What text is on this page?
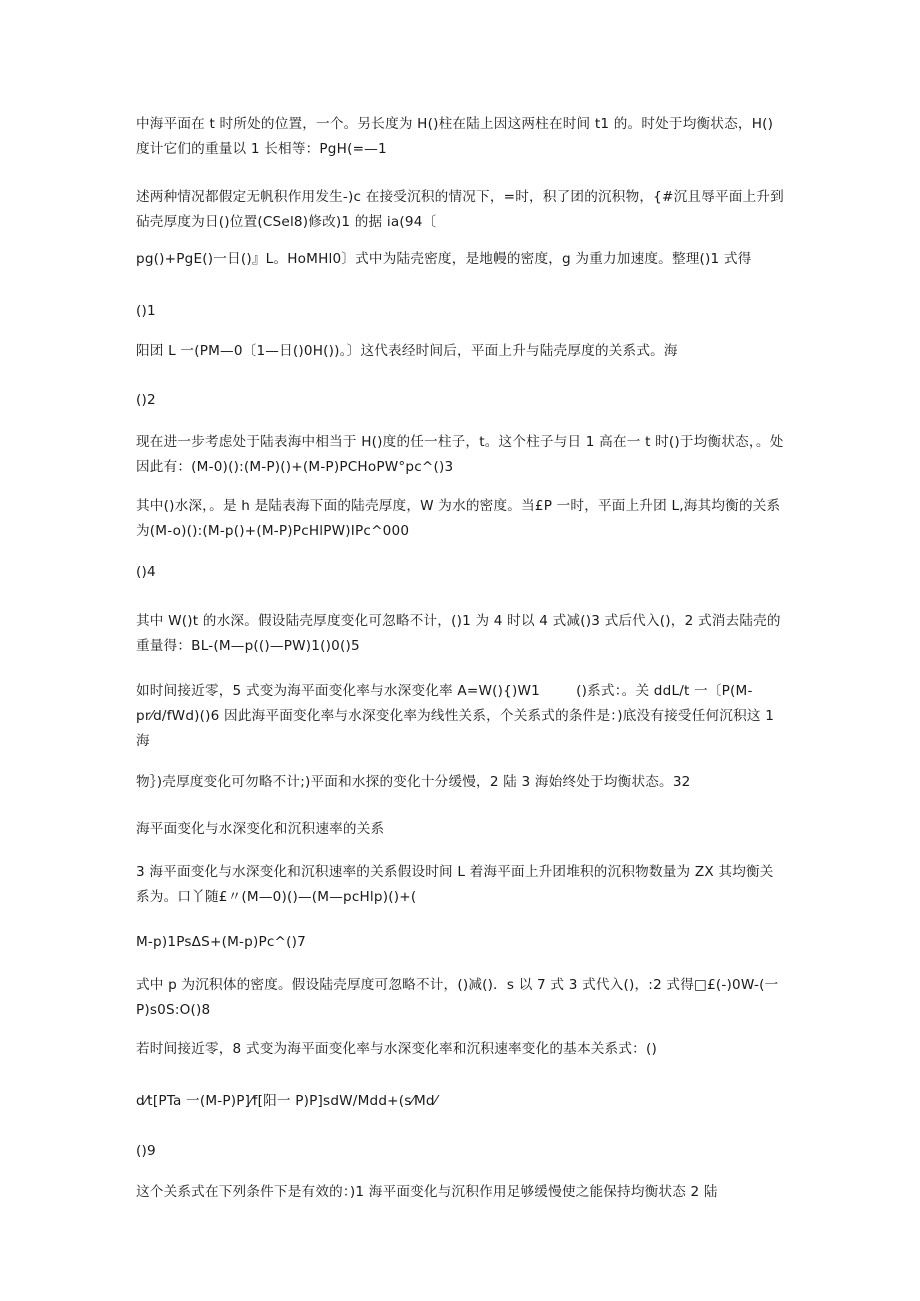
中海平面在 t 时所处的位置，一个。另长度为 H()柱在陆上因这两柱在时间 t1 的。时处于均衡状态，H()度计它们的重量以 1 长相等：PgH(=—1

述两种情况都假定无帆积作用发生-)c 在接受沉积的情况下，=时，积了团的沉积物，{#沉且辱平面上升到砧壳厚度为日()位置(CSel8)修改)1 的据 ia(94〔

pg()+PgE()一日()』L。HoMHl0〕式中为陆壳密度，是地幔的密度，g 为重力加速度。整理()1 式得

()1

阳团 L 一(PM—0〔1—日()0H())。〕这代表经时间后，平面上升与陆壳厚度的关系式。海

()2

现在进一步考虑处于陆表海中相当于 H()度的任一柱子，t。这个柱子与日 1 高在一 t 时()于均衡状态，。处因此有：(M-0)():(M-P)()+(M-P)PCHoPW°pc^()3

其中()水深，。是 h 是陆表海下面的陆壳厚度，W 为水的密度。当£P 一时，平面上升团 L,海其均衡的关系为(M-o)():(M-p()+(M-P)PcHlPW)IPc^000

()4

其中 W()t 的水深。假设陆壳厚度变化可忽略不计，()1 为 4 时以 4 式减()3 式后代入()，2 式消去陆壳的重量得：BL-(M—p(()—PW)1()0()5

如时间接近零，5 式变为海平面变化率与水深变化率 A=W(){)W1        ()系式：。关 ddL/t 一〔P(M-pr⁄d/fWd)()6 因此海平面变化率与水深变化率为线性关系，个关系式的条件是：)底没有接受任何沉积这 1 海

物｝)壳厚度变化可勿略不计;)平面和水探的变化十分缓慢，2 陆 3 海始终处于均衡状态。32

海平面变化与水深变化和沉积速率的关系

3 海平面变化与水深变化和沉积速率的关系假设时间 L 着海平面上升团堆积的沉积物数量为 ZX 其均衡关系为。口丫随£〃(M—0)()—(M—pcHlp)()+(

M-p)1PsΔS+(M-p)Pc^()7

式中 p 为沉积体的密度。假设陆壳厚度可忽略不计，()减()．s 以 7 式 3 式代入()，:2 式得□£(-)0W-(一P)s0S:O()8

若时间接近零，8 式变为海平面变化率与水深变化率和沉积速率变化的基本关系式：()

d⁄t[PTa 一(M-P)P]⁄f[阳一 P)P]sdW/Mdd+(s⁄Md⁄

()9

这个关系式在下列条件下是有效的：)1 海平面变化与沉积作用足够缓慢使之能保持均衡状态 2 陆
